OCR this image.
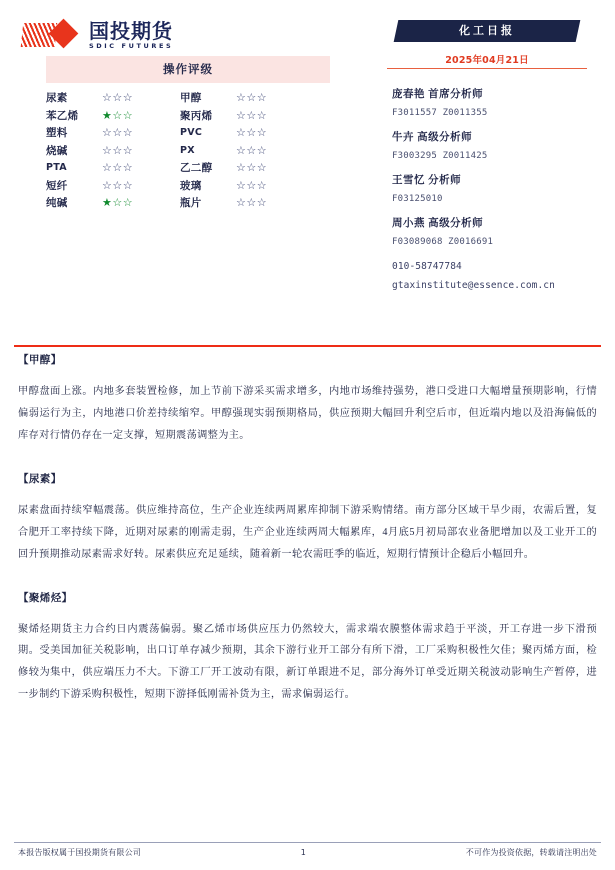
国投期货
SDIC FUTURES
操作评级
尿素	☆☆☆	甲醇	☆☆☆
苯乙烯	★☆☆	聚丙烯	☆☆☆
塑料	☆☆☆	PVC	☆☆☆
烧碱	☆☆☆	PX	☆☆☆
PTA	☆☆☆	乙二醇	☆☆☆
短纤	☆☆☆	玻璃	☆☆☆
纯碱	★☆☆	瓶片	☆☆☆
化工日报
2025年04月21日
庞春艳 首席分析师
F3011557 Z0011355
牛卉 高级分析师
F3003295 Z0011425
王雪忆 分析师
F03125010
周小燕 高级分析师
F03089068 Z0016691
010-58747784
gtaxinstitute@essence.com.cn
【甲醇】

甲醇盘面上涨。内地多套装置检修，加上节前下游采买需求增多，内地市场维持强势，港口受进口大幅增量预期影响，行情偏弱运行为主，内地港口价差持续缩窄。甲醇强现实弱预期格局，供应预期大幅回升利空后市，但近端内地以及沿海偏低的库存对行情仍存在一定支撑，短期震荡调整为主。

【尿素】

尿素盘面持续窄幅震荡。供应维持高位，生产企业连续两周累库抑制下游采购情绪。南方部分区域干旱少雨，农需后置，复合肥开工率持续下降，近期对尿素的刚需走弱，生产企业连续两周大幅累库，4月底5月初局部农业备肥增加以及工业开工的回升预期推动尿素需求好转。尿素供应充足延续，随着新一轮农需旺季的临近，短期行情预计企稳后小幅回升。

【聚烯烃】

聚烯烃期货主力合约日内震荡偏弱。聚乙烯市场供应压力仍然较大，需求端农膜整体需求趋于平淡，开工存进一步下滑预期。受美国加征关税影响，出口订单存减少预期，其余下游行业开工部分有所下滑，工厂采购积极性欠佳；聚丙烯方面，检修较为集中，供应端压力不大。下游工厂开工波动有限，新订单跟进不足，部分海外订单受近期关税波动影响生产暂停，进一步制约下游采购积极性，短期下游择低刚需补货为主，需求偏弱运行。

本报告版权属于国投期货有限公司	1	不可作为投资依据，转载请注明出处
